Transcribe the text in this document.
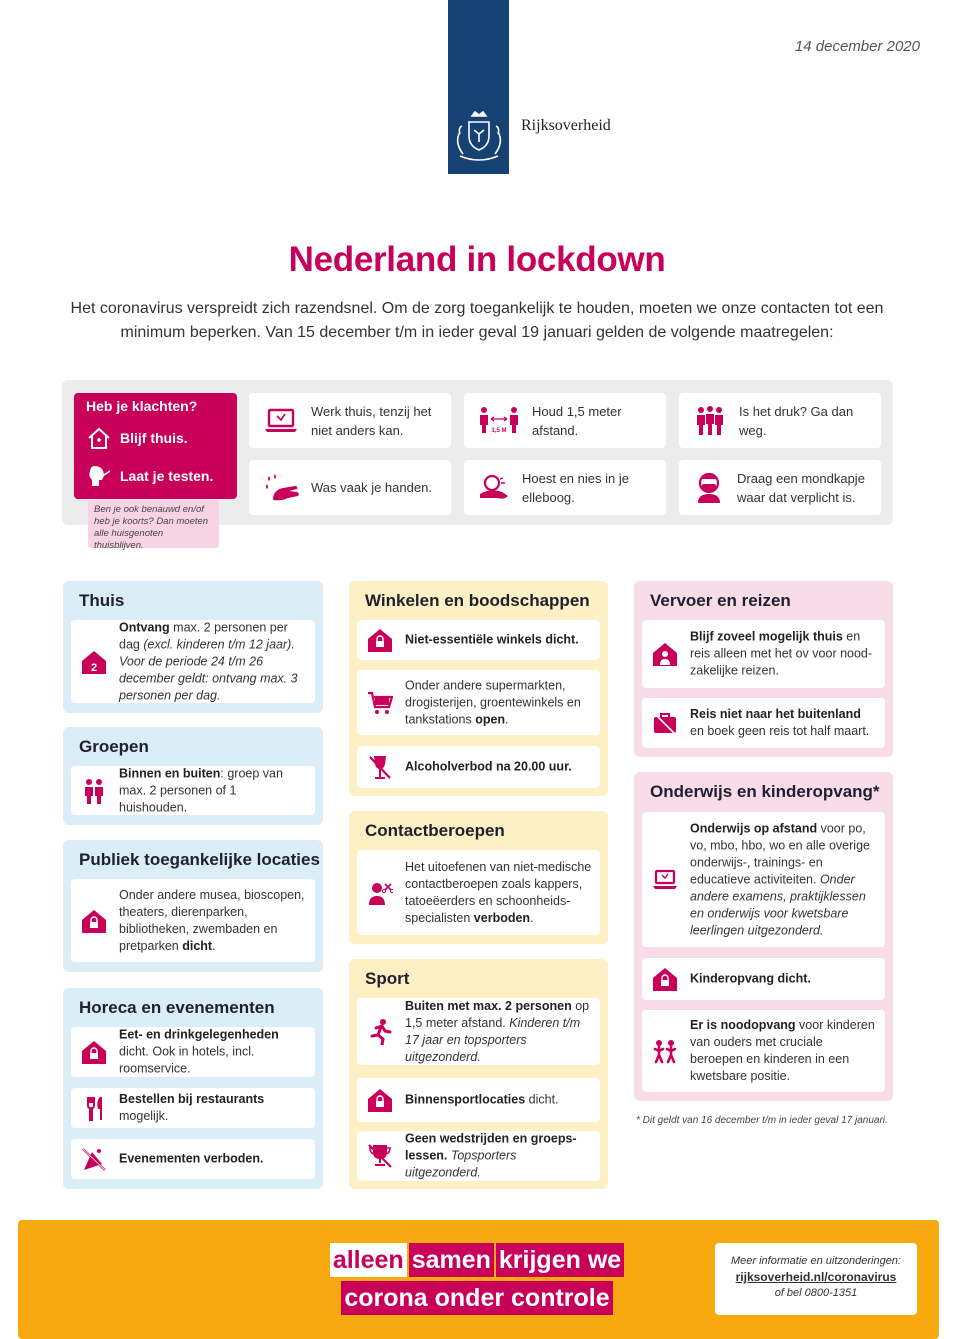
Rijksoverheid
14 december 2020
Nederland in lockdown
Het coronavirus verspreidt zich razendsnel. Om de zorg toegankelijk te houden, moeten we onze contacten tot een minimum beperken. Van 15 december t/m in ieder geval 19 januari gelden de volgende maatregelen:
Heb je klachten?
Blijf thuis.
Laat je testen.
Ben je ook benauwd en/of heb je koorts? Dan moeten alle huisgenoten thuisblijven.
Werk thuis, tenzij het niet anders kan.	1,5 M
Houd 1,5 meter afstand.
Is het druk? Ga dan weg.
Was vaak je handen.
Hoest en nies in je elleboog.
Draag een mondkapje waar dat verplicht is.
Thuis
2
Ontvang max. 2 personen per dag (excl. kinderen t/m 12 jaar). Voor de periode 24 t/m 26 december geldt: ontvang max. 3 personen per dag.
Groepen
Binnen en buiten: groep van max. 2 personen of 1 huishouden.
Publiek toegankelijke locaties
Onder andere musea, bioscopen, theaters, dierenparken, bibliotheken, zwembaden en pretparken dicht.
Horeca en evenementen
Eet- en drinkgelegenheden dicht. Ook in hotels, incl. roomservice.
Bestellen bij restaurants mogelijk.
Evenementen verboden.
Winkelen en boodschappen
Niet-essentiële winkels dicht.
Onder andere supermarkten, drogisterijen, groentewinkels en tankstations open.
Alcoholverbod na 20.00 uur.
Contactberoepen
Het uitoefenen van niet-medische contactberoepen zoals kappers, tatoeëerders en schoonheids-specialisten verboden.
Sport
Buiten met max. 2 personen op 1,5 meter afstand. Kinderen t/m 17 jaar en topsporters uitgezonderd.
Binnensportlocaties dicht.
Geen wedstrijden en groeps-lessen. Topsporters uitgezonderd.
Vervoer en reizen
Blijf zoveel mogelijk thuis en reis alleen met het ov voor nood-zakelijke reizen.
Reis niet naar het buitenland en boek geen reis tot half maart.
Onderwijs en kinderopvang*
Onderwijs op afstand voor po, vo, mbo, hbo, wo en alle overige onderwijs-, trainings- en educatieve activiteiten. Onder andere examens, praktijklessen en onderwijs voor kwetsbare leerlingen uitgezonderd.
Kinderopvang dicht.
Er is noodopvang voor kinderen van ouders met cruciale beroepen en kinderen in een kwetsbare positie.
* Dit geldt van 16 december t/m in ieder geval 17 januari.
alleen samen krijgen we
corona onder controle
Meer informatie en uitzonderingen:
rijksoverheid.nl/coronavirus
of bel 0800-1351
